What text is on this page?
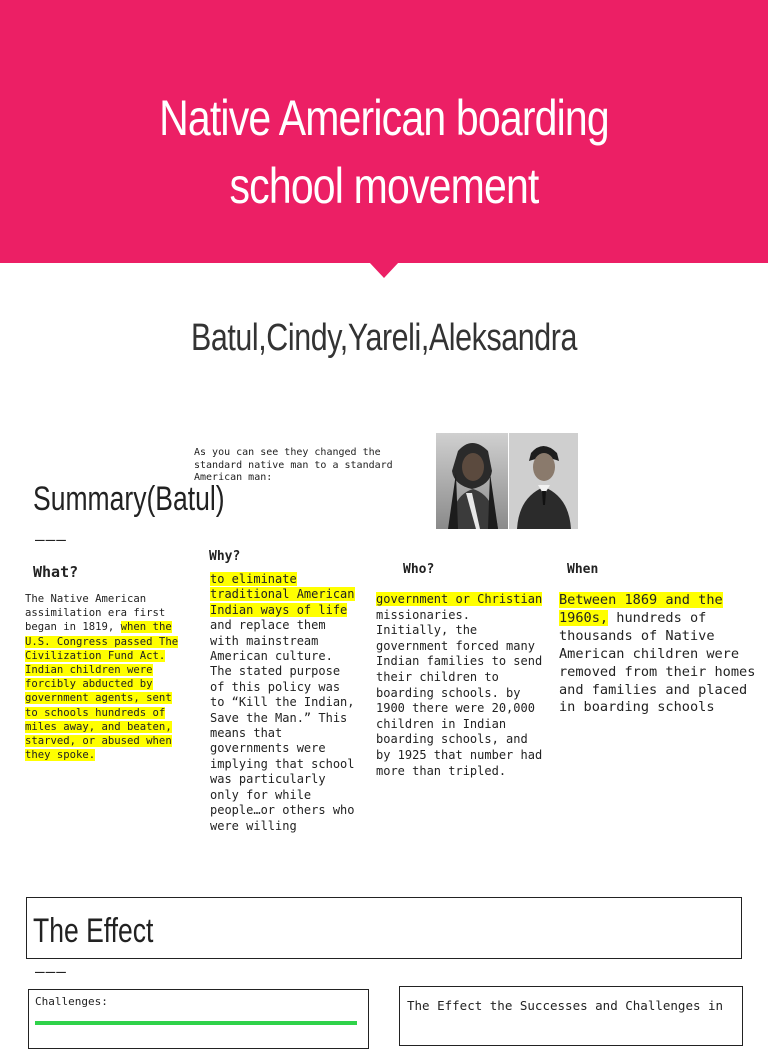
Native American boarding
school movement
Batul,Cindy,Yareli,Aleksandra
As you can see they changed the standard native man to a standard American man:
Summary(Batul)
———
What?
The Native American assimilation era first began in 1819, when the U.S. Congress passed The Civilization Fund Act. Indian children were forcibly abducted by government agents, sent to schools hundreds of miles away, and beaten, starved, or abused when they spoke.
Why?
to eliminate traditional American Indian ways of life and replace them with mainstream American culture. The stated purpose of this policy was to “Kill the Indian, Save the Man.” This means that governments were implying that school was particularly only for while people…or others who were willing
Who?
government or Christian missionaries. Initially, the government forced many Indian families to send their children to boarding schools. by 1900 there were 20,000 children in Indian boarding schools, and by 1925 that number had more than tripled.
When
Between 1869 and the 1960s, hundreds of thousands of Native American children were removed from their homes and families and placed in boarding schools
The Effect
———
Challenges:	The Effect the Successes and Challenges in
